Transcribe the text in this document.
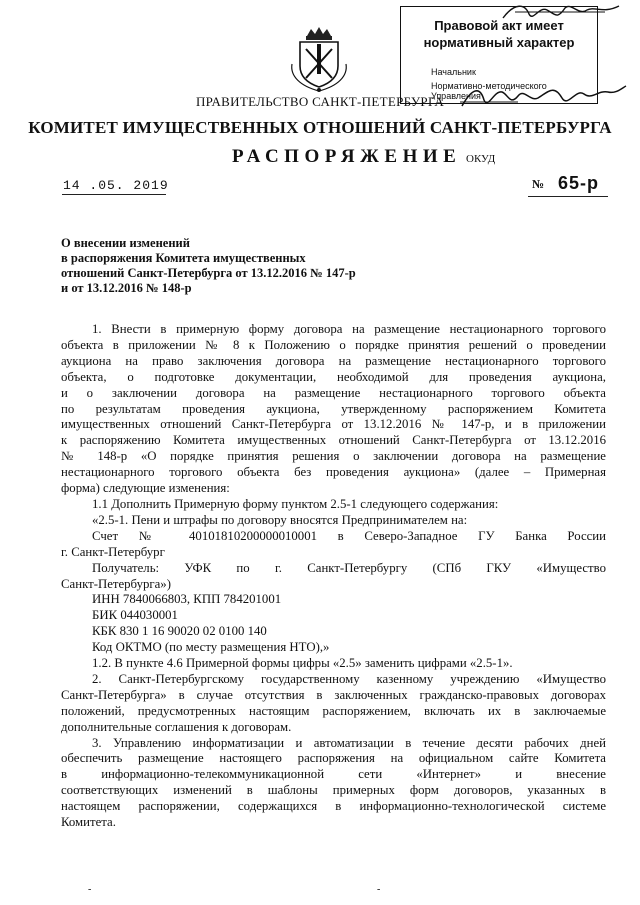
Правовой акт имеет
нормативный характер
Начальник
Нормативно-методического Управления
ПРАВИТЕЛЬСТВО САНКТ-ПЕТЕРБУРГА
КОМИТЕТ ИМУЩЕСТВЕННЫХ ОТНОШЕНИЙ САНКТ-ПЕТЕРБУРГА
РАСПОРЯЖЕНИЕ ОКУД
14 .05. 2019	№ 65-р
О внесении изменений
в распоряжения Комитета имущественных
отношений Санкт-Петербурга от 13.12.2016 № 147-р
и от 13.12.2016 № 148-р

1. Внести в примерную форму договора на размещение нестационарного торгового

объекта в приложении № 8 к Положению о порядке принятия решений о проведении

аукциона на право заключения договора на размещение нестационарного торгового

объекта, о подготовке документации, необходимой для проведения аукциона,

и о заключении договора на размещение нестационарного торгового объекта

по результатам проведения аукциона, утвержденному распоряжением Комитета

имущественных отношений Санкт-Петербурга от 13.12.2016 № 147-р, и в приложении

к распоряжению Комитета имущественных отношений Санкт-Петербурга от 13.12.2016

№ 148-р «О порядке принятия решения о заключении договора на размещение

нестационарного торгового объекта без проведения аукциона» (далее – Примерная

форма) следующие изменения:

1.1 Дополнить Примерную форму пунктом 2.5-1 следующего содержания:

«2.5-1. Пени и штрафы по договору вносятся Предпринимателем на:

Счет № 40101810200000010001 в Северо-Западное ГУ Банка России

г. Санкт-Петербург

Получатель: УФК по г. Санкт-Петербургу (СПб ГКУ «Имущество

Санкт-Петербурга»)

ИНН 7840066803, КПП 784201001

БИК 044030001

КБК 830 1 16 90020 02 0100 140

Код ОКТМО (по месту размещения НТО),»

1.2. В пункте 4.6 Примерной формы цифры «2.5» заменить цифрами «2.5-1».

2. Санкт-Петербургскому государственному казенному учреждению «Имущество

Санкт-Петербурга» в случае отсутствия в заключенных гражданско-правовых договорах

положений, предусмотренных настоящим распоряжением, включать их в заключаемые

дополнительные соглашения к договорам.

3. Управлению информатизации и автоматизации в течение десяти рабочих дней

обеспечить размещение настоящего распоряжения на официальном сайте Комитета

в информационно-телекоммуникационной сети «Интернет» и внесение

соответствующих изменений в шаблоны примерных форм договоров, указанных в

настоящем распоряжении, содержащихся в информационно-технологической системе

Комитета.

-	-
